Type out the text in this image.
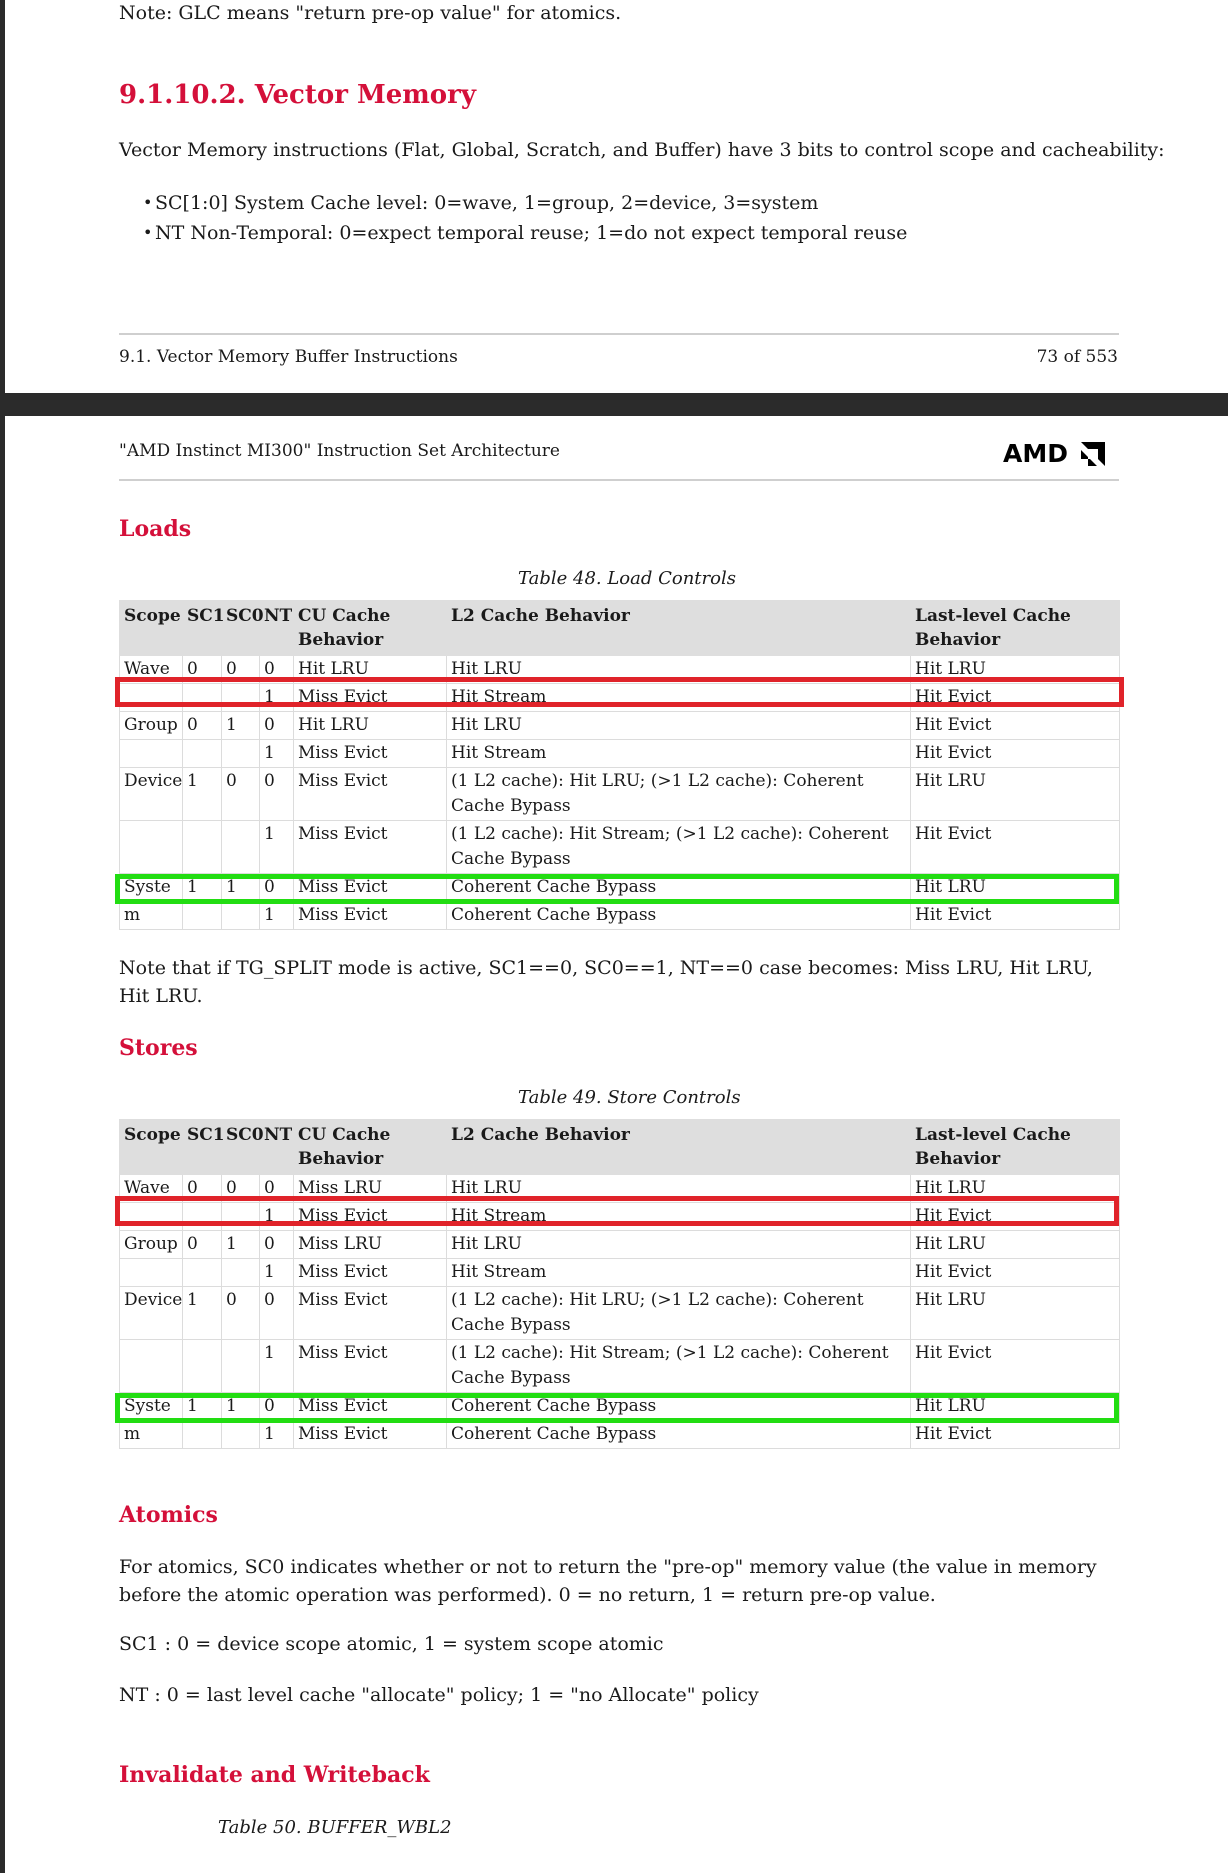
Note: GLC means "return pre-op value" for atomics.
9.1.10.2. Vector Memory
Vector Memory instructions (Flat, Global, Scratch, and Buffer) have 3 bits to control scope and cacheability:
• SC[1:0] System Cache level: 0=wave, 1=group, 2=device, 3=system
• NT Non-Temporal: 0=expect temporal reuse; 1=do not expect temporal reuse
9.1. Vector Memory Buffer Instructions	73 of 553
"AMD Instinct MI300" Instruction Set Architecture	AMD
Loads
Table 48. Load Controls
Scope	SC1	SC0	NT	CU Cache Behavior	L2 Cache Behavior	Last-level Cache Behavior
Wave	0	0	0	Hit LRU	Hit LRU	Hit LRU
			1	Miss Evict	Hit Stream	Hit Evict
Group	0	1	0	Hit LRU	Hit LRU	Hit Evict
			1	Miss Evict	Hit Stream	Hit Evict
Device	1	0	0	Miss Evict	(1 L2 cache): Hit LRU; (>1 L2 cache): Coherent Cache Bypass	Hit LRU
			1	Miss Evict	(1 L2 cache): Hit Stream; (>1 L2 cache): Coherent Cache Bypass	Hit Evict
Syste	1	1	0	Miss Evict	Coherent Cache Bypass	Hit LRU
m			1	Miss Evict	Coherent Cache Bypass	Hit Evict
Note that if TG_SPLIT mode is active, SC1==0, SC0==1, NT==0 case becomes: Miss LRU, Hit LRU, Hit LRU.
Stores
Table 49. Store Controls
Scope	SC1	SC0	NT	CU Cache Behavior	L2 Cache Behavior	Last-level Cache Behavior
Wave	0	0	0	Miss LRU	Hit LRU	Hit LRU
			1	Miss Evict	Hit Stream	Hit Evict
Group	0	1	0	Miss LRU	Hit LRU	Hit LRU
			1	Miss Evict	Hit Stream	Hit Evict
Device	1	0	0	Miss Evict	(1 L2 cache): Hit LRU; (>1 L2 cache): Coherent Cache Bypass	Hit LRU
			1	Miss Evict	(1 L2 cache): Hit Stream; (>1 L2 cache): Coherent Cache Bypass	Hit Evict
Syste	1	1	0	Miss Evict	Coherent Cache Bypass	Hit LRU
m			1	Miss Evict	Coherent Cache Bypass	Hit Evict
Atomics
For atomics, SC0 indicates whether or not to return the "pre-op" memory value (the value in memory before the atomic operation was performed). 0 = no return, 1 = return pre-op value.
SC1 : 0 = device scope atomic, 1 = system scope atomic
NT : 0 = last level cache "allocate" policy; 1 = "no Allocate" policy
Invalidate and Writeback
Table 50. BUFFER_WBL2
